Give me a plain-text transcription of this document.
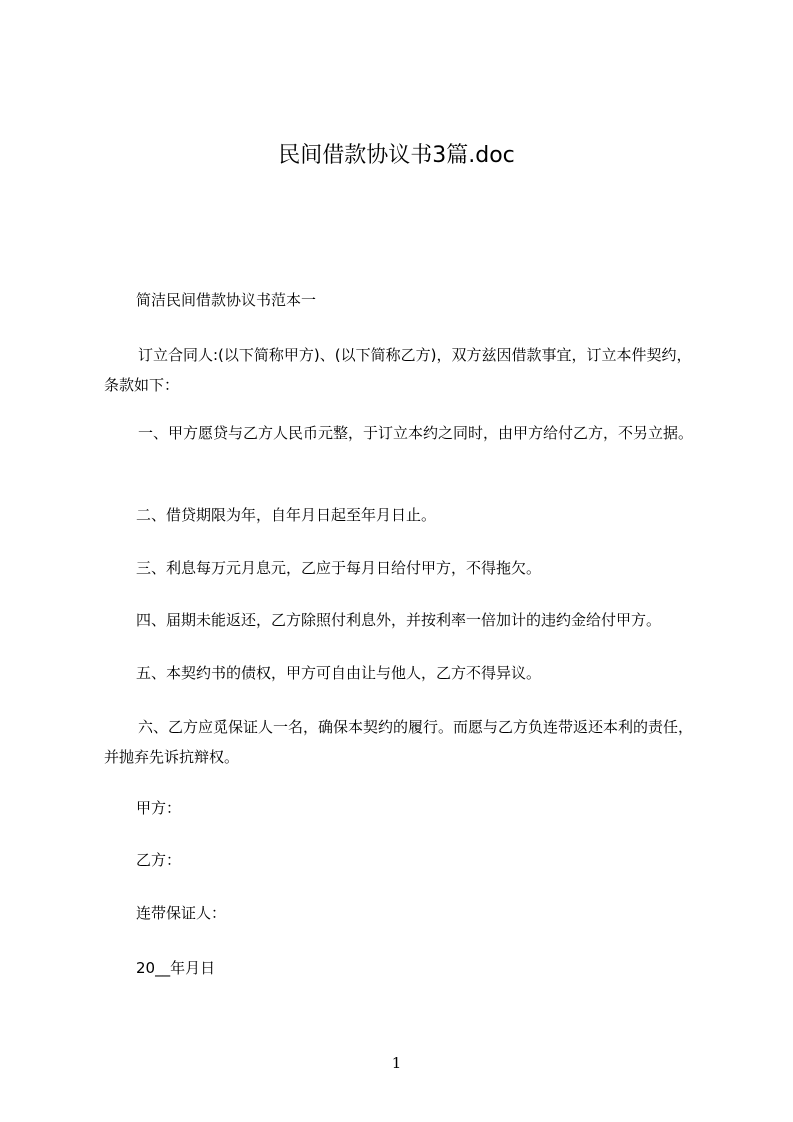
民间借款协议书3篇.doc

简洁民间借款协议书范本一

订立合同人:(以下简称甲方)、(以下简称乙方)，双方兹因借款事宜，订立本件契约，条款如下：

一、甲方愿贷与乙方人民币元整，于订立本约之同时，由甲方给付乙方，不另立据。

二、借贷期限为年，自年月日起至年月日止。

三、利息每万元月息元，乙应于每月日给付甲方，不得拖欠。

四、届期未能返还，乙方除照付利息外，并按利率一倍加计的违约金给付甲方。

五、本契约书的债权，甲方可自由让与他人，乙方不得异议。

六、乙方应觅保证人一名，确保本契约的履行。而愿与乙方负连带返还本利的责任，并抛弃先诉抗辩权。

甲方：

乙方：

连带保证人：

20__年月日

1
